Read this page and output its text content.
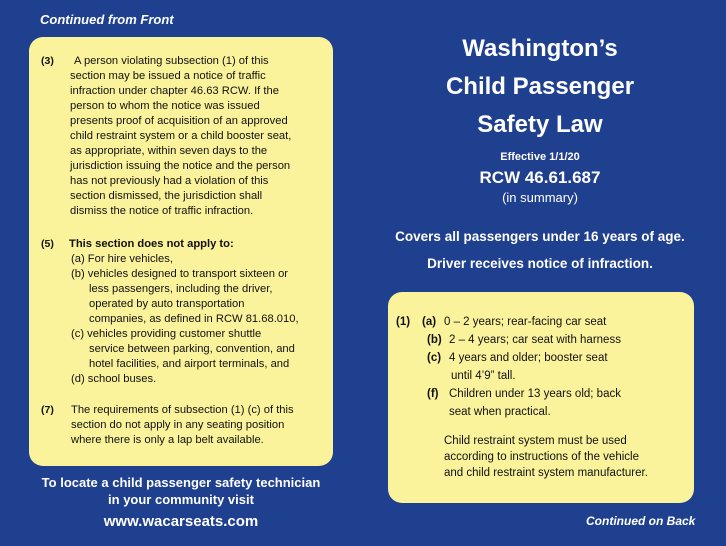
Continued from Front
(3) A person violating subsection (1) of this
section may be issued a notice of traffic
infraction under chapter 46.63 RCW. If the
person to whom the notice was issued
presents proof of acquisition of an approved
child restraint system or a child booster seat,
as appropriate, within seven days to the
jurisdiction issuing the notice and the person
has not previously had a violation of this
section dismissed, the jurisdiction shall
dismiss the notice of traffic infraction.
(5) This section does not apply to:
(a) For hire vehicles,
(b) vehicles designed to transport sixteen or
less passengers, including the driver,
operated by auto transportation
companies, as defined in RCW 81.68.010,
(c) vehicles providing customer shuttle
service between parking, convention, and
hotel facilities, and airport terminals, and
(d) school buses.
(7) The requirements of subsection (1) (c) of this
section do not apply in any seating position
where there is only a lap belt available.
To locate a child passenger safety technician
in your community visit
www.wacarseats.com
Washington’s
Child Passenger
Safety Law
Effective 1/1/20
RCW 46.61.687
(in summary)
Covers all passengers under 16 years of age.
Driver receives notice of infraction.
(1) (a) 0 – 2 years; rear-facing car seat
(b) 2 – 4 years; car seat with harness
(c) 4 years and older; booster seat
until 4’9” tall.
(f) Children under 13 years old; back
seat when practical.
Child restraint system must be used
according to instructions of the vehicle
and child restraint system manufacturer.
Continued on Back
